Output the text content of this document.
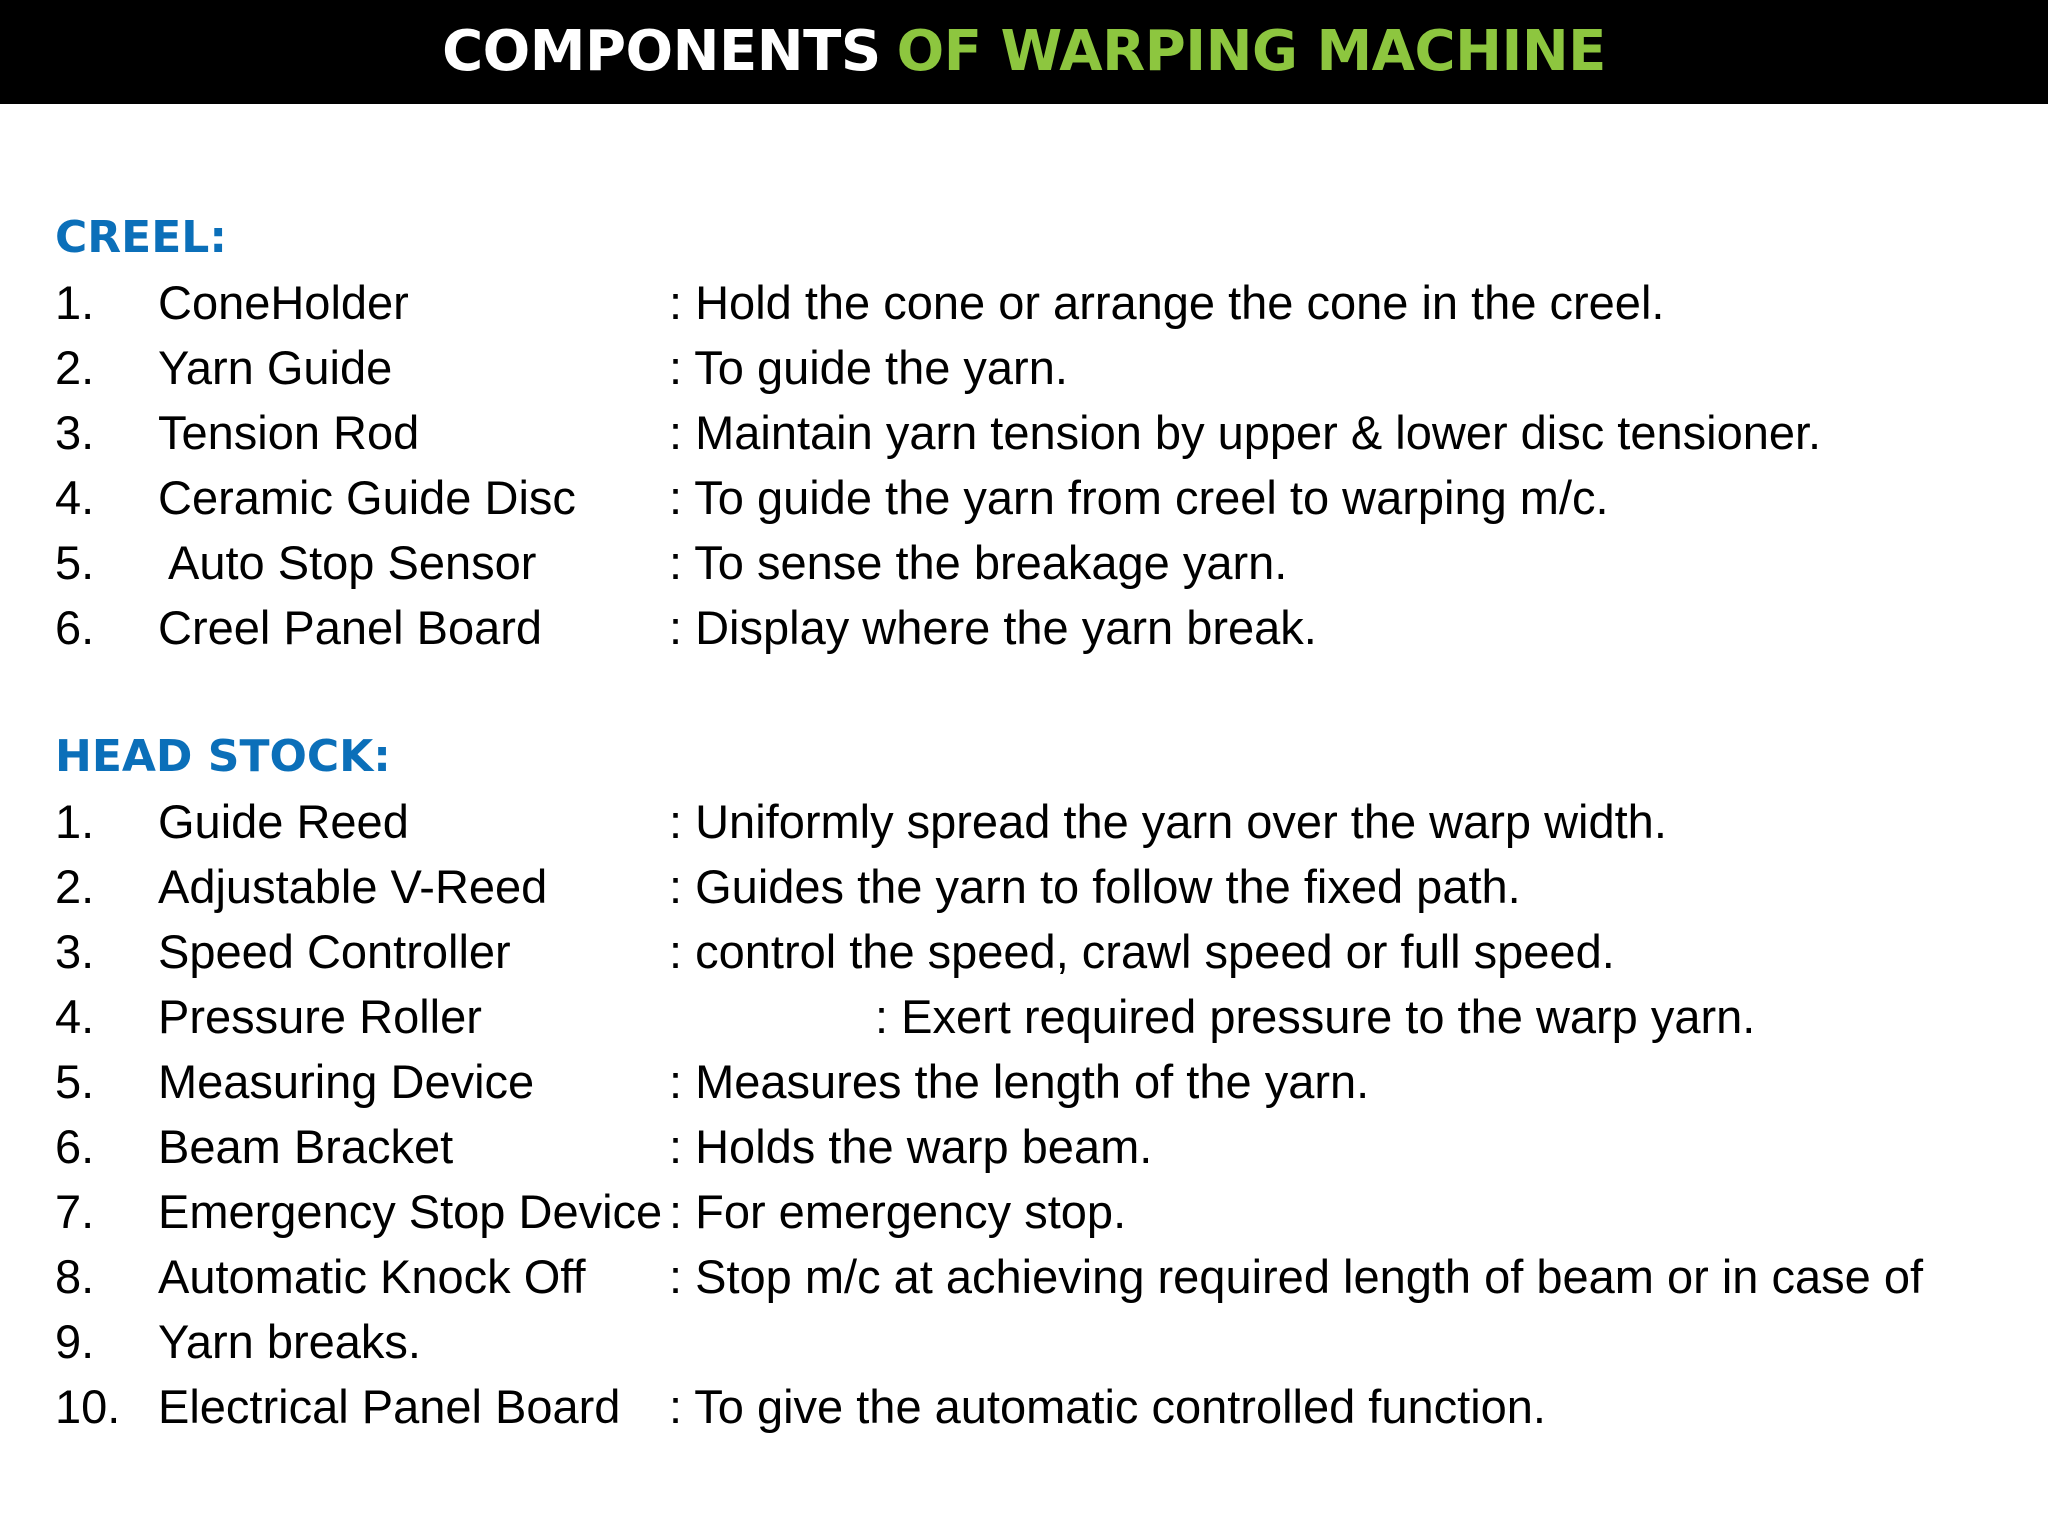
COMPONENTS OF WARPING MACHINE
CREEL:
1. ConeHolder	: Hold the cone or arrange the cone in the creel.
2. Yarn Guide	: To guide the yarn.
3. Tension Rod	: Maintain yarn tension by upper & lower disc tensioner.
4. Ceramic Guide Disc : To guide the yarn from creel to warping m/c.
5. Auto Stop Sensor	: To sense the breakage yarn.
6. Creel Panel Board	: Display where the yarn break.
HEAD STOCK:
1. Guide Reed	: Uniformly spread the yarn over the warp width.
2. Adjustable V-Reed	: Guides the yarn to follow the fixed path.
3. Speed Controller	: control the speed, crawl speed or full speed.
4. Pressure Roller	: Exert required pressure to the warp yarn.
5. Measuring Device	: Measures the length of the yarn.
6. Beam Bracket	: Holds the warp beam.
7. Emergency Stop Device : For emergency stop.
8. Automatic Knock Off : Stop m/c at achieving required length of beam or in case of
9. Yarn breaks.
10. Electrical Panel Board : To give the automatic controlled function.
